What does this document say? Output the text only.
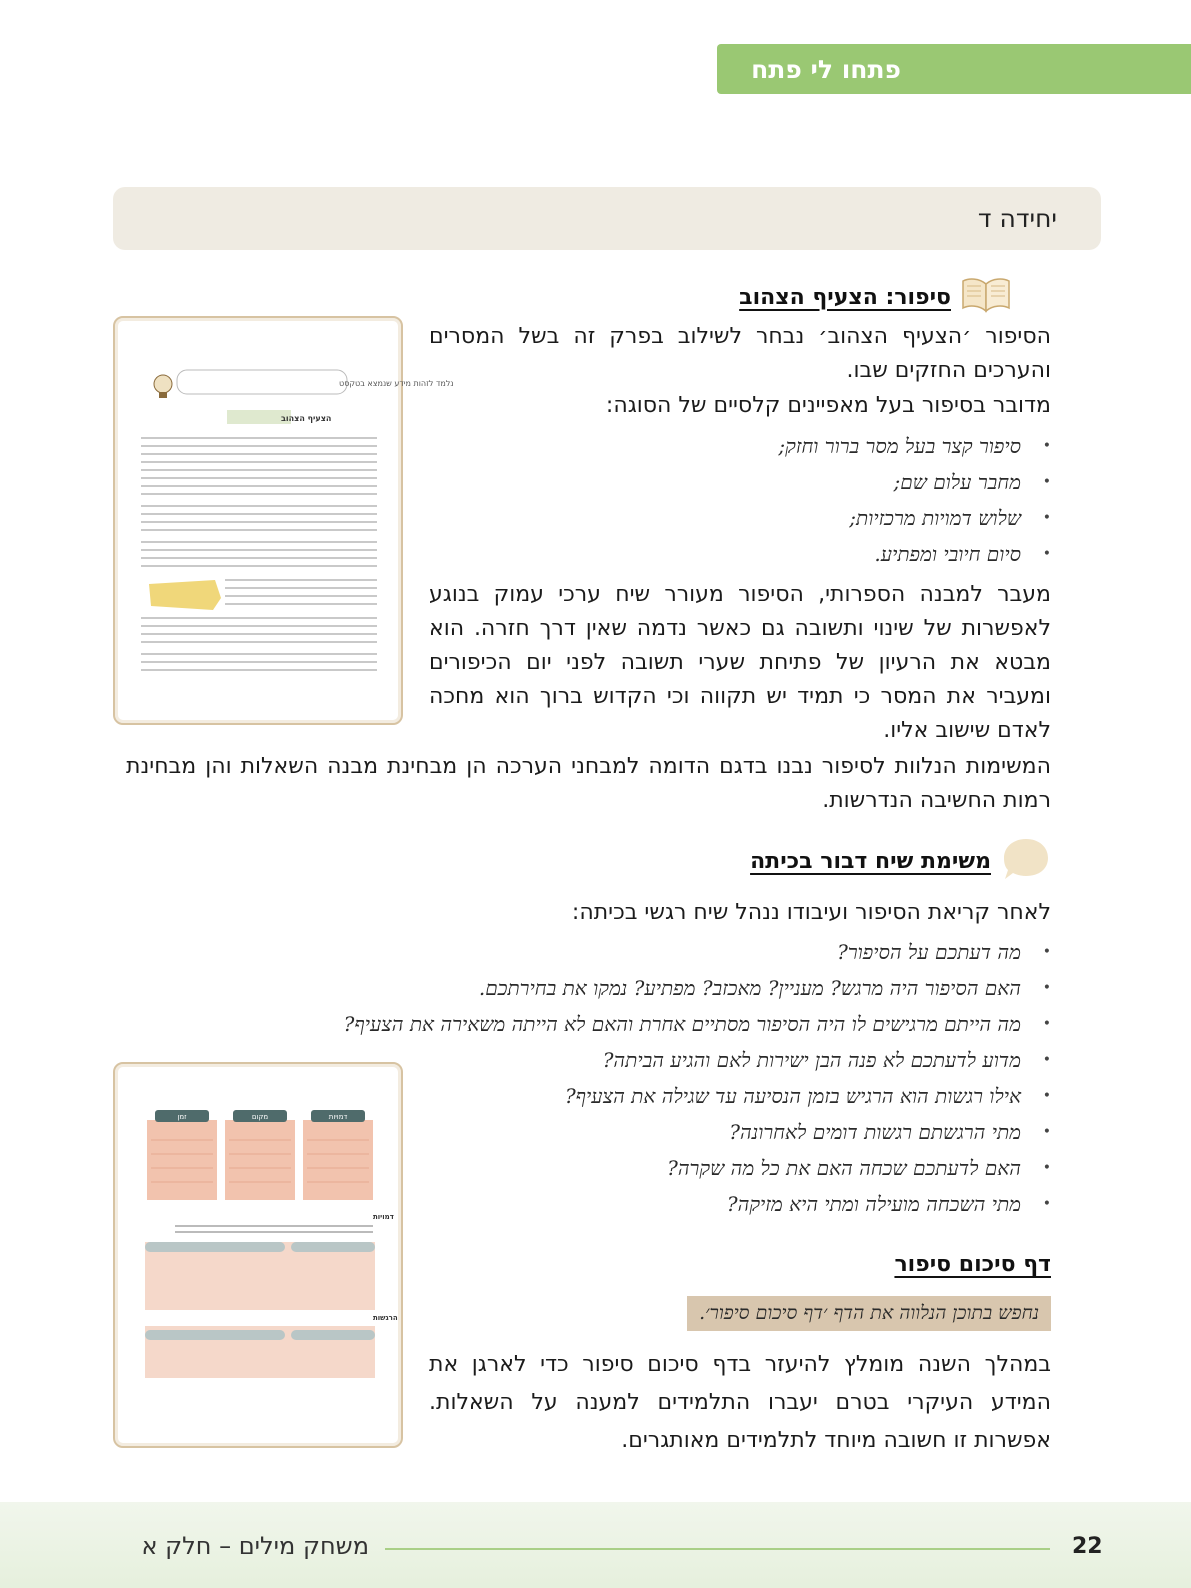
פתחו לי פתח
יחידה ד
סיפור: הצעיף הצהוב
נלמד לזהות מידע שנמצא בטקסט
הצעיף הצהוב
הסיפור ׳הצעיף הצהוב׳ נבחר לשילוב בפרק זה בשל המסרים והערכים החזקים שבו.
מדובר בסיפור בעל מאפיינים קלסיים של הסוגה:
• סיפור קצר בעל מסר ברור וחזק;
• מחבר עלום שם;
• שלוש דמויות מרכזיות;
• סיום חיובי ומפתיע.
מעבר למבנה הספרותי, הסיפור מעורר שיח ערכי עמוק בנוגע לאפשרות של שינוי ותשובה גם כאשר נדמה שאין דרך חזרה. הוא מבטא את הרעיון של פתיחת שערי תשובה לפני יום הכיפורים ומעביר את המסר כי תמיד יש תקווה וכי הקדוש ברוך הוא מחכה לאדם שישוב אליו.
המשימות הנלוות לסיפור נבנו בדגם הדומה למבחני הערכה הן מבחינת מבנה השאלות והן מבחינת רמות החשיבה הנדרשות.
משימת שיח דבור בכיתה
לאחר קריאת הסיפור ועיבודו ננהל שיח רגשי בכיתה:
• מה דעתכם על הסיפור?
• האם הסיפור היה מרגש? מעניין? מאכזב? מפתיע? נמקו את בחירתכם.
• מה הייתם מרגישים לו היה הסיפור מסתיים אחרת והאם לא הייתה משאירה את הצעיף?
• מדוע לדעתכם לא פנה הבן ישירות לאם והגיע הביתה?
• אילו רגשות הוא הרגיש בזמן הנסיעה עד שגילה את הצעיף?
• מתי הרגשתם רגשות דומים לאחרונה?
• האם לדעתכם שכחה האם את כל מה שקרה?
• מתי השכחה מועילה ומתי היא מזיקה?
זמן	מקום	דמויות
דמויות
הרגשות
דף סיכום סיפור
נחפש בתוכן הנלווה את הדף ׳דף סיכום סיפור׳.
במהלך השנה מומלץ להיעזר בדף סיכום סיפור כדי לארגן את המידע העיקרי בטרם יעברו התלמידים למענה על השאלות. אפשרות זו חשובה מיוחד לתלמידים מאותגרים.
משחק מילים – חלק א	22
